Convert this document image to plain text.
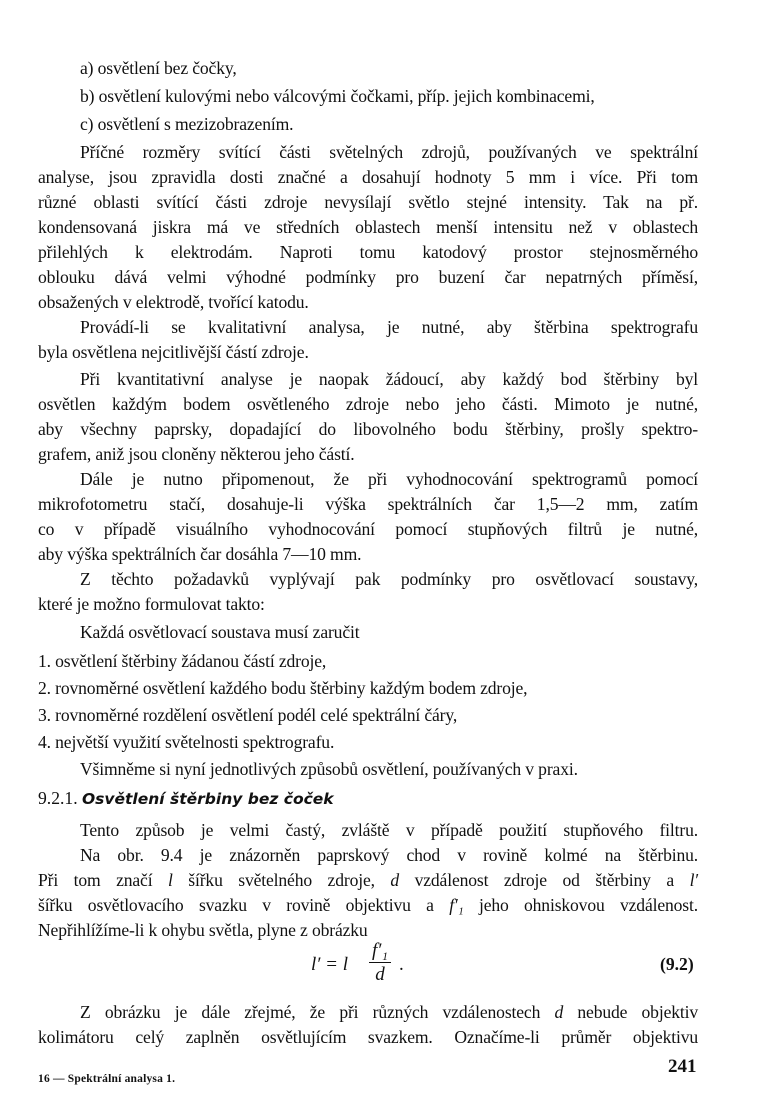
a) osvětlení bez čočky,
b) osvětlení kulovými nebo válcovými čočkami, příp. jejich kombinacemi,
c) osvětlení s mezizobrazením.
Příčné rozměry svítící části světelných zdrojů, používaných ve spektrální
analyse, jsou zpravidla dosti značné a dosahují hodnoty 5 mm i více. Při tom
různé oblasti svítící části zdroje nevysílají světlo stejné intensity. Tak na př.
kondensovaná jiskra má ve středních oblastech menší intensitu než v oblastech
přilehlých k elektrodám. Naproti tomu katodový prostor stejnosměrného
oblouku dává velmi výhodné podmínky pro buzení čar nepatrných příměsí,
obsažených v elektrodě, tvořící katodu.
Provádí-li se kvalitativní analysa, je nutné, aby štěrbina spektrografu
byla osvětlena nejcitlivější částí zdroje.
Při kvantitativní analyse je naopak žádoucí, aby každý bod štěrbiny byl
osvětlen každým bodem osvětleného zdroje nebo jeho části. Mimoto je nutné,
aby všechny paprsky, dopadající do libovolného bodu štěrbiny, prošly spektro-
grafem, aniž jsou cloněny některou jeho částí.
Dále je nutno připomenout, že při vyhodnocování spektrogramů pomocí
mikrofotometru stačí, dosahuje-li výška spektrálních čar 1,5—2 mm, zatím
co v případě visuálního vyhodnocování pomocí stupňových filtrů je nutné,
aby výška spektrálních čar dosáhla 7—10 mm.
Z těchto požadavků vyplývají pak podmínky pro osvětlovací soustavy,
které je možno formulovat takto:
Každá osvětlovací soustava musí zaručit
1. osvětlení štěrbiny žádanou částí zdroje,
2. rovnoměrné osvětlení každého bodu štěrbiny každým bodem zdroje,
3. rovnoměrné rozdělení osvětlení podél celé spektrální čáry,
4. největší využití světelnosti spektrografu.
Všimněme si nyní jednotlivých způsobů osvětlení, používaných v praxi.
9.2.1. Osvětlení štěrbiny bez čoček
Tento způsob je velmi častý, zvláště v případě použití stupňového filtru.
Na obr. 9.4 je znázorněn paprskový chod v rovině kolmé na štěrbinu.
Při tom značí l šířku světelného zdroje, d vzdálenost zdroje od štěrbiny a l′
šířku osvětlovacího svazku v rovině objektivu a f′₁ jeho ohniskovou vzdálenost.
Nepřihlížíme-li k ohybu světla, plyne z obrázku
l′ = l $\frac{\text{f′₁}}{d}$ .	(9.2)
Z obrázku je dále zřejmé, že při různých vzdálenostech d nebude objektiv
kolimátoru celý zaplněn osvětlujícím svazkem. Označíme-li průměr objektivu
16 — Spektrální analysa 1.
241
